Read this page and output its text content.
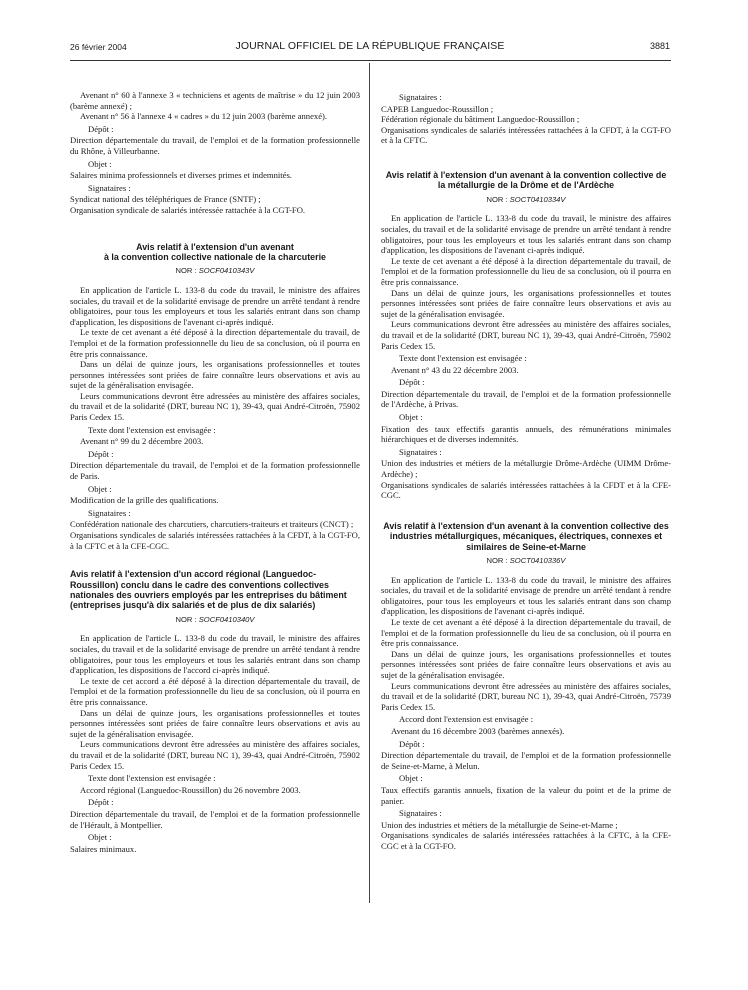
26 février 2004	JOURNAL OFFICIEL DE LA RÉPUBLIQUE FRANÇAISE	3881

Avenant n° 60 à l'annexe 3 « techniciens et agents de maîtrise » du 12 juin 2003 (barème annexé) ;

Avenant n° 56 à l'annexe 4 « cadres » du 12 juin 2003 (barème annexé).

Dépôt :

Direction départementale du travail, de l'emploi et de la formation professionnelle du Rhône, à Villeurbanne.

Objet :

Salaires minima professionnels et diverses primes et indemnités.

Signataires :

Syndicat national des téléphériques de France (SNTF) ;

Organisation syndicale de salariés intéressée rattachée à la CGT-FO.

Avis relatif à l'extension d'un avenant

à la convention collective nationale de la charcuterie

NOR : SOCF0410343V

En application de l'article L. 133-8 du code du travail, le ministre des affaires sociales, du travail et de la solidarité envisage de prendre un arrêté tendant à rendre obligatoires, pour tous les employeurs et tous les salariés entrant dans son champ d'application, les dispositions de l'avenant ci-après indiqué.

Le texte de cet avenant a été déposé à la direction départementale du travail, de l'emploi et de la formation professionnelle du lieu de sa conclusion, où il pourra en être pris connaissance.

Dans un délai de quinze jours, les organisations professionnelles et toutes personnes intéressées sont priées de faire connaître leurs observations et avis au sujet de la généralisation envisagée.

Leurs communications devront être adressées au ministère des affaires sociales, du travail et de la solidarité (DRT, bureau NC 1), 39-43, quai André-Citroën, 75902 Paris Cedex 15.

Texte dont l'extension est envisagée :

Avenant n° 99 du 2 décembre 2003.

Dépôt :

Direction départementale du travail, de l'emploi et de la formation professionnelle de Paris.

Objet :

Modification de la grille des qualifications.

Signataires :

Confédération nationale des charcutiers, charcutiers-traiteurs et traiteurs (CNCT) ;

Organisations syndicales de salariés intéressées rattachées à la CFDT, à la CGT-FO, à la CFTC et à la CFE-CGC.

Avis relatif à l'extension d'un accord régional (Languedoc-Roussillon) conclu dans le cadre des conventions collectives nationales des ouvriers employés par les entreprises du bâtiment (entreprises jusqu'à dix salariés et de plus de dix salariés)

NOR : SOCF0410340V

En application de l'article L. 133-8 du code du travail, le ministre des affaires sociales, du travail et de la solidarité envisage de prendre un arrêté tendant à rendre obligatoires, pour tous les employeurs et tous les salariés entrant dans son champ d'application, les dispositions de l'accord ci-après indiqué.

Le texte de cet accord a été déposé à la direction départementale du travail, de l'emploi et de la formation professionnelle du lieu de sa conclusion, où il pourra en être pris connaissance.

Dans un délai de quinze jours, les organisations professionnelles et toutes personnes intéressées sont priées de faire connaître leurs observations et avis au sujet de la généralisation envisagée.

Leurs communications devront être adressées au ministère des affaires sociales, du travail et de la solidarité (DRT, bureau NC 1), 39-43, quai André-Citroën, 75902 Paris Cedex 15.

Texte dont l'extension est envisagée :

Accord régional (Languedoc-Roussillon) du 26 novembre 2003.

Dépôt :

Direction départementale du travail, de l'emploi et de la formation professionnelle de l'Hérault, à Montpellier.

Objet :

Salaires minimaux.

Signataires :

CAPEB Languedoc-Roussillon ;

Fédération régionale du bâtiment Languedoc-Roussillon ;

Organisations syndicales de salariés intéressées rattachées à la CFDT, à la CGT-FO et à la CFTC.

Avis relatif à l'extension d'un avenant à la convention collective de la métallurgie de la Drôme et de l'Ardèche

NOR : SOCT0410334V

En application de l'article L. 133-8 du code du travail, le ministre des affaires sociales, du travail et de la solidarité envisage de prendre un arrêté tendant à rendre obligatoires, pour tous les employeurs et tous les salariés entrant dans son champ d'application, les dispositions de l'avenant ci-après indiqué.

Le texte de cet avenant a été déposé à la direction départementale du travail, de l'emploi et de la formation professionnelle du lieu de sa conclusion, où il pourra en être pris connaissance.

Dans un délai de quinze jours, les organisations professionnelles et toutes personnes intéressées sont priées de faire connaître leurs observations et avis au sujet de la généralisation envisagée.

Leurs communications devront être adressées au ministère des affaires sociales, du travail et de la solidarité (DRT, bureau NC 1), 39-43, quai André-Citroën, 75902 Paris Cedex 15.

Texte dont l'extension est envisagée :

Avenant n° 43 du 22 décembre 2003.

Dépôt :

Direction départementale du travail, de l'emploi et de la formation professionnelle de l'Ardèche, à Privas.

Objet :

Fixation des taux effectifs garantis annuels, des rémunérations minimales hiérarchiques et de diverses indemnités.

Signataires :

Union des industries et métiers de la métallurgie Drôme-Ardèche (UIMM Drôme-Ardèche) ;

Organisations syndicales de salariés intéressées rattachées à la CFDT et à la CFE-CGC.

Avis relatif à l'extension d'un avenant à la convention collective des industries métallurgiques, mécaniques, électriques, connexes et similaires de Seine-et-Marne

NOR : SOCT0410336V

En application de l'article L. 133-8 du code du travail, le ministre des affaires sociales, du travail et de la solidarité envisage de prendre un arrêté tendant à rendre obligatoires, pour tous les employeurs et tous les salariés entrant dans son champ d'application, les dispositions de l'avenant ci-après indiqué.

Le texte de cet avenant a été déposé à la direction départementale du travail, de l'emploi et de la formation professionnelle du lieu de sa conclusion, où il pourra en être pris connaissance.

Dans un délai de quinze jours, les organisations professionnelles et toutes personnes intéressées sont priées de faire connaître leurs observations et avis au sujet de la généralisation envisagée.

Leurs communications devront être adressées au ministère des affaires sociales, du travail et de la solidarité (DRT, bureau NC 1), 39-43, quai André-Citroën, 75739 Paris Cedex 15.

Accord dont l'extension est envisagée :

Avenant du 16 décembre 2003 (barèmes annexés).

Dépôt :

Direction départementale du travail, de l'emploi et de la formation professionnelle de Seine-et-Marne, à Melun.

Objet :

Taux effectifs garantis annuels, fixation de la valeur du point et de la prime de panier.

Signataires :

Union des industries et métiers de la métallurgie de Seine-et-Marne ;

Organisations syndicales de salariés intéressées rattachées à la CFTC, à la CFE-CGC et à la CGT-FO.
